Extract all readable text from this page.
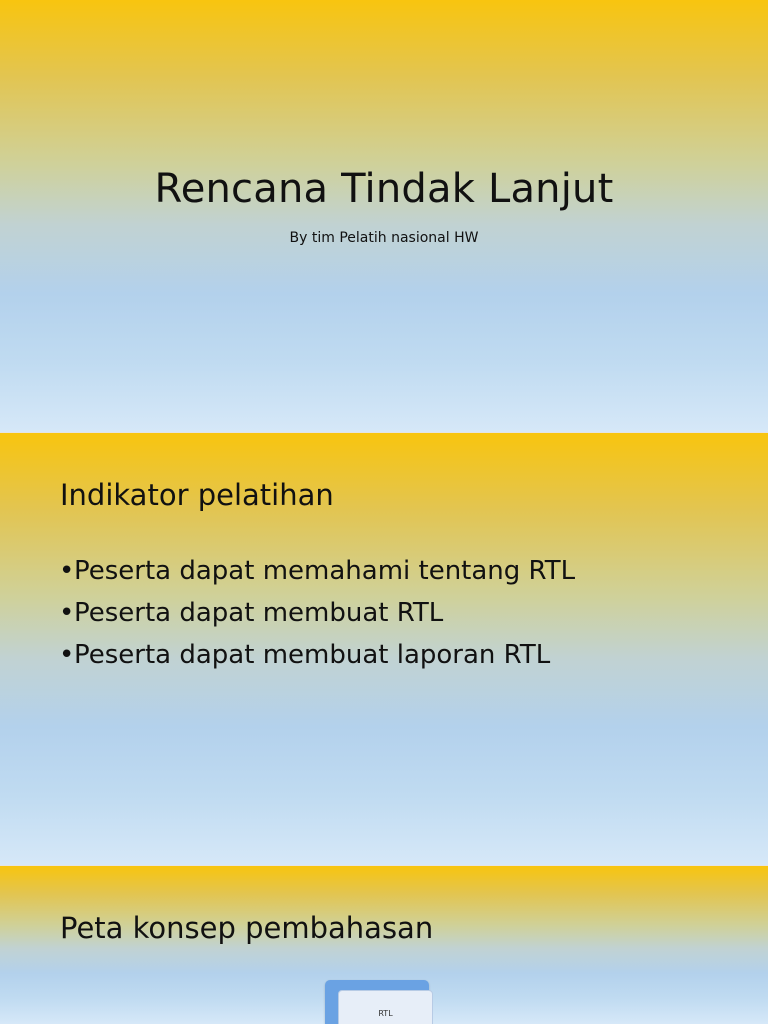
Rencana Tindak Lanjut
By tim Pelatih nasional HW
Indikator pelatihan
• Peserta dapat memahami tentang RTL
• Peserta dapat membuat RTL
• Peserta dapat membuat laporan RTL
Peta konsep pembahasan
RTL
